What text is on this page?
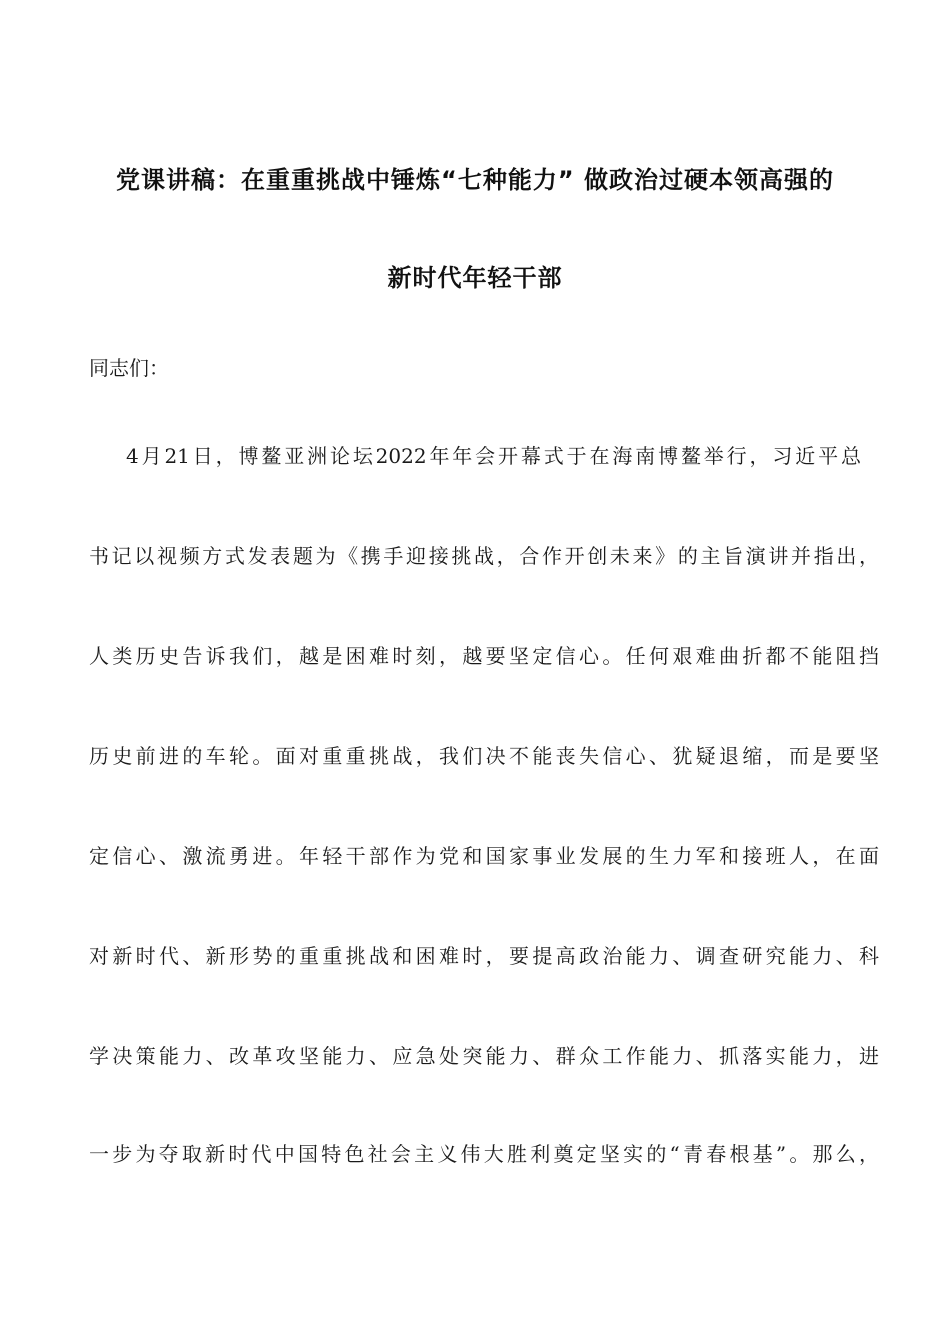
党课讲稿：在重重挑战中锤炼“七种能力” 做政治过硬本领高强的
新时代年轻干部
同志们：
4月21日，博鳌亚洲论坛2022年年会开幕式于在海南博鳌举行，习近平总
书记以视频方式发表题为《携手迎接挑战，合作开创未来》的主旨演讲并指出，
人类历史告诉我们，越是困难时刻，越要坚定信心。任何艰难曲折都不能阻挡
历史前进的车轮。面对重重挑战，我们决不能丧失信心、犹疑退缩，而是要坚
定信心、激流勇进。年轻干部作为党和国家事业发展的生力军和接班人，在面
对新时代、新形势的重重挑战和困难时，要提高政治能力、调查研究能力、科
学决策能力、改革攻坚能力、应急处突能力、群众工作能力、抓落实能力，进
一步为夺取新时代中国特色社会主义伟大胜利奠定坚实的“青春根基”。那么，
